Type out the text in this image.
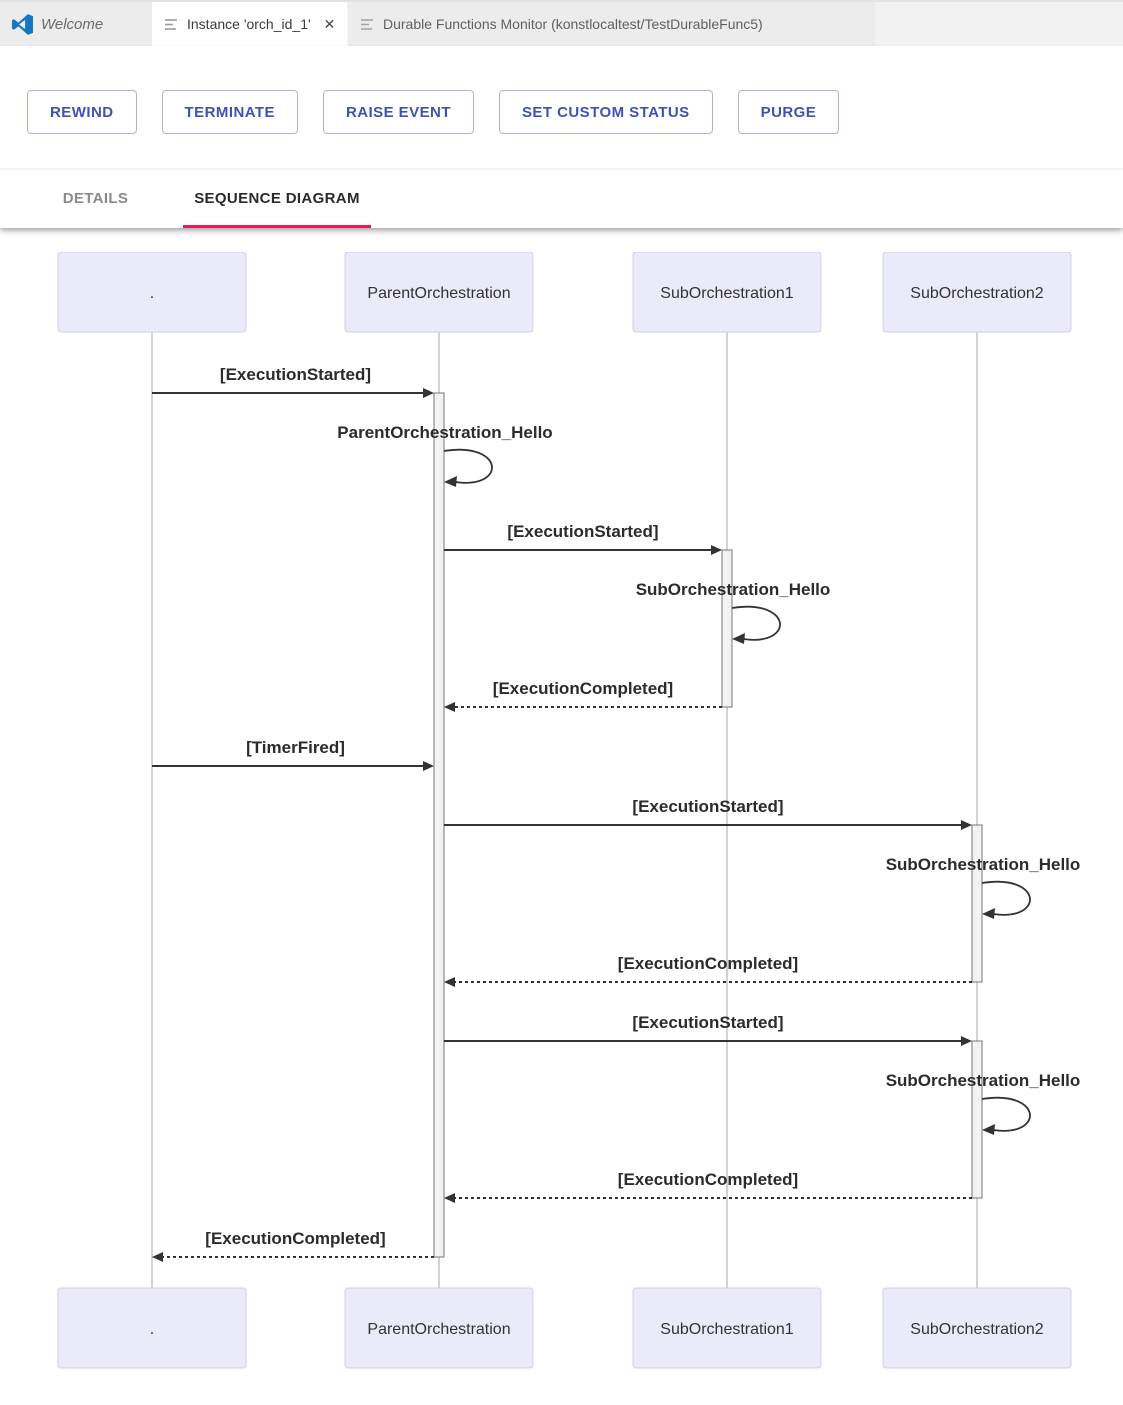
Welcome	Instance 'orch_id_1' ✕	Durable Functions Monitor (konstlocaltest/TestDurableFunc5)
REWIND	TERMINATE	RAISE EVENT	SET CUSTOM STATUS	PURGE
DETAILS	SEQUENCE DIAGRAM
[ExecutionStarted]
ParentOrchestration_Hello
[ExecutionStarted]
SubOrchestration_Hello
[ExecutionCompleted]
[TimerFired]
[ExecutionStarted]
SubOrchestration_Hello
[ExecutionCompleted]
[ExecutionStarted]
SubOrchestration_Hello
[ExecutionCompleted]
[ExecutionCompleted]
.	ParentOrchestration	SubOrchestration1	SubOrchestration2
.	ParentOrchestration	SubOrchestration1	SubOrchestration2
